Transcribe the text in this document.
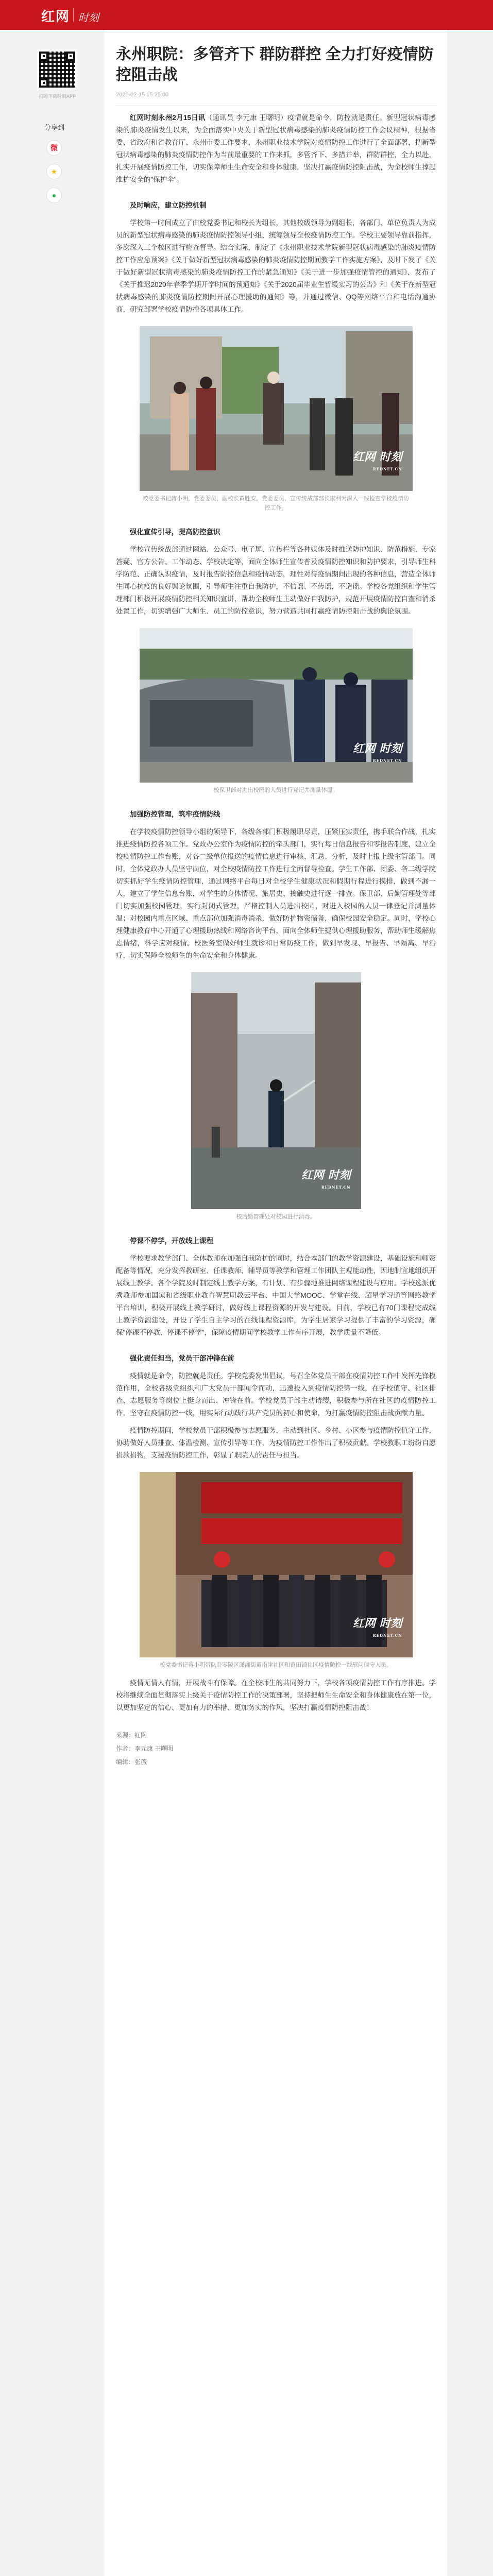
红网 时刻
扫码下载时刻APP
分享到
微
★
●
永州职院：多管齐下 群防群控 全力打好疫情防控阻击战
2020-02-15 15:25:00

红网时刻永州2月15日讯（通讯员 李元康 王曙明）疫情就是命令，防控就是责任。新型冠状病毒感染的肺炎疫情发生以来，为全面落实中央关于新型冠状病毒感染的肺炎疫情防控工作会议精神，根据省委、省政府和省教育厅、永州市委工作要求，永州职业技术学院对疫情防控工作进行了全面部署，把新型冠状病毒感染的肺炎疫情防控作为当前最重要的工作来抓，多管齐下、多措并举，群防群控，全力以赴，扎实开展疫情防控工作，切实保障师生生命安全和身体健康，坚决打赢疫情防控阻击战，为全校师生撑起维护安全的"保护伞"。

及时响应，建立防控机制

学校第一时间成立了由校党委书记和校长为组长，其他校级领导为副组长，各部门、单位负责人为成员的新型冠状病毒感染的肺炎疫情防控领导小组，统筹领导全校疫情防控工作。学校主要领导靠前指挥，多次深入三个校区进行检查督导。结合实际，制定了《永州职业技术学院新型冠状病毒感染的肺炎疫情防控工作应急预案》《关于做好新型冠状病毒感染的肺炎疫情防控期间教学工作实施方案》，及时下发了《关于做好新型冠状病毒感染的肺炎疫情防控工作的紧急通知》《关于进一步加强疫情管控的通知》，发布了《关于推迟2020年春季学期开学时间的预通知》《关于2020届毕业生暂缓实习的公告》和《关于在新型冠状病毒感染的肺炎疫情防控期间开展心理援助的通知》等，并通过微信、QQ等网络平台和电话沟通协商，研究部署学校疫情防控各项具体工作。

红网 时刻
REDNET.CN
校党委书记蒋小明，党委委员、副校长黄胜安，党委委员、宣传统战部部长康利为深入一线检查学校疫情防控工作。
强化宣传引导，提高防控意识

学校宣传统战部通过网站、公众号、电子屏、宣传栏等各种媒体及时推送防护知识、防范措施、专家答疑、官方公告、工作动态、学校决定等，面向全体师生宣传普及疫情防控知识和防护要求，引导师生科学防范、正确认识疫情，及时报告防控信息和疫情动态，理性对待疫情期间出现的各种信息，营造全体师生同心抗疫的良好舆论氛围，引导师生注重自我防护，不信谣、不传谣，不造谣。学校各党组织和学生管理部门积极开展疫情防控相关知识宣讲，帮助全校师生主动做好自我防护，规范开展疫情防控自查和消杀处置工作，切实增强广大师生、员工的防控意识，努力营造共同打赢疫情防控阻击战的舆论氛围。

红网 时刻
REDNET.CN
校保卫部对进出校园的人员进行登记并测量体温。
加强防控管理，筑牢疫情防线

在学校疫情防控领导小组的领导下，各级各部门积极履职尽责，压紧压实责任，携手联合作战，扎实推进疫情防控各项工作。党政办公室作为疫情防控的牵头部门，实行每日信息报告和零报告制度，建立全校疫情防控工作台账，对各二级单位报送的疫情信息进行审核、汇总、分析，及时上报上级主管部门。同时，全体党政办人员坚守岗位，对全校疫情防控工作进行全面督导检查。学生工作部、团委、各二级学院切实抓好学生疫情防控管理，通过网络平台每日对全校学生健康状况和假期行程进行摸排，做到不漏一人，建立了学生信息台账，对学生的身体情况、旅居史、接触史进行逐一排查。保卫部、后勤管理处等部门切实加强校园管理，实行封闭式管理，严格控制人员进出校园，对进入校园的人员一律登记并测量体温；对校园内重点区域、重点部位加强消毒消杀，做好防护物资储备，确保校园安全稳定。同时，学校心理健康教育中心开通了心理援助热线和网络咨询平台，面向全体师生提供心理援助服务，帮助师生缓解焦虑情绪，科学应对疫情。校医务室做好师生就诊和日常防疫工作，做到早发现、早报告、早隔离、早治疗，切实保障全校师生的生命安全和身体健康。

红网 时刻
REDNET.CN
校后勤管理处对校园进行消毒。
停课不停学，开放线上课程

学校要求教学部门、全体教师在加强自我防护的同时，结合本部门的教学资源建设，基础设施和师资配备等情况，充分发挥教研室、任课教师、辅导员等教学和管理工作团队主观能动性，因地制宜地组织开展线上教学。各个学院及时制定线上教学方案，有计划、有步骤地推进网络课程建设与应用。学校选派优秀教师参加国家和省级职业教育智慧职教云平台、中国大学MOOC、学堂在线、超星学习通等网络教学平台培训，积极开展线上教学研讨，做好线上课程资源的开发与建设。目前，学校已有70门课程完成线上教学资源建设，开设了学生自主学习的在线课程资源库，为学生居家学习提供了丰富的学习资源，确保"停课不停教、停课不停学"，保障疫情期间学校教学工作有序开展，教学质量不降低。

强化责任担当，党员干部冲锋在前

疫情就是命令，防控就是责任。学校党委发出倡议，号召全体党员干部在疫情防控工作中发挥先锋模范作用，全校各级党组织和广大党员干部闻令而动，迅速投入到疫情防控第一线，在学校值守、社区排查、志愿服务等岗位上挺身而出、冲锋在前。学校党员干部主动请缨，积极参与所在社区的疫情防控工作，坚守在疫情防控一线，用实际行动践行共产党员的初心和使命，为打赢疫情防控阻击战贡献力量。

疫情防控期间，学校党员干部积极参与志愿服务，主动到社区、乡村、小区参与疫情防控值守工作，协助做好人员排查、体温检测、宣传引导等工作，为疫情防控工作作出了积极贡献。学校教职工纷纷自愿捐款捐物，支援疫情防控工作，彰显了职院人的责任与担当。

红网 时刻
REDNET.CN
校党委书记蒋小明带队赴零陵区潇湘街道南津社区和黄田铺社区疫情防控一线慰问值守人员。

疫情无情人有情，开展战斗有保障。在全校师生的共同努力下，学校各项疫情防控工作有序推进。学校将继续全面贯彻落实上级关于疫情防控工作的决策部署，坚持把师生生命安全和身体健康放在第一位，以更加坚定的信心、更加有力的举措、更加务实的作风，坚决打赢疫情防控阻击战！

来源：红网
作者：李元康 王曙明
编辑：张薇
